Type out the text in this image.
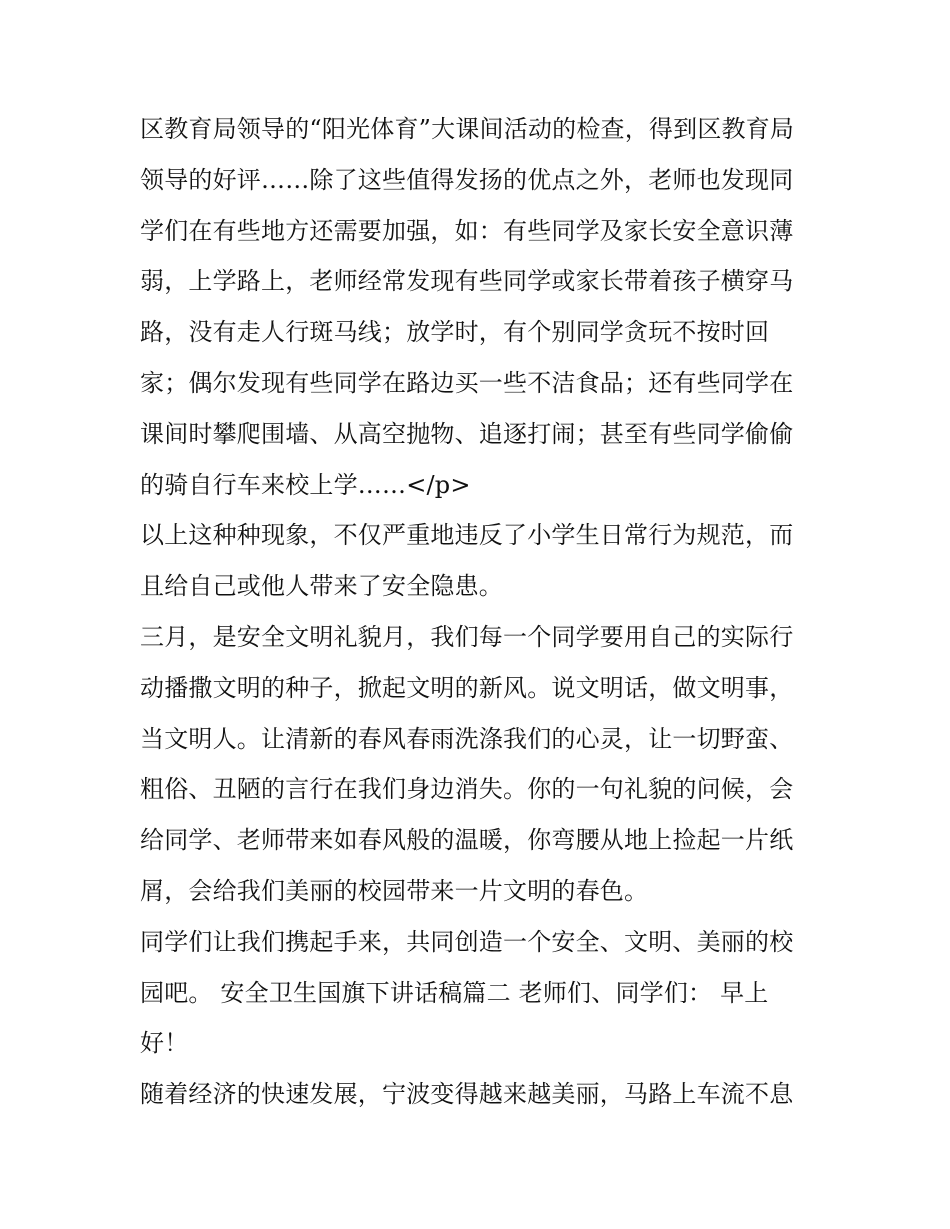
区教育局领导的“阳光体育”大课间活动的检查，得到区教育局
领导的好评……除了这些值得发扬的优点之外，老师也发现同
学们在有些地方还需要加强，如：有些同学及家长安全意识薄
弱，上学路上，老师经常发现有些同学或家长带着孩子横穿马
路，没有走人行斑马线；放学时，有个别同学贪玩不按时回
家；偶尔发现有些同学在路边买一些不洁食品；还有些同学在
课间时攀爬围墙、从高空抛物、追逐打闹；甚至有些同学偷偷
的骑自行车来校上学……</p>
以上这种种现象，不仅严重地违反了小学生日常行为规范，而
且给自己或他人带来了安全隐患。
三月，是安全文明礼貌月，我们每一个同学要用自己的实际行
动播撒文明的种子，掀起文明的新风。说文明话，做文明事，
当文明人。让清新的春风春雨洗涤我们的心灵，让一切野蛮、
粗俗、丑陋的言行在我们身边消失。你的一句礼貌的问候，会
给同学、老师带来如春风般的温暖，你弯腰从地上捡起一片纸
屑，会给我们美丽的校园带来一片文明的春色。
同学们让我们携起手来，共同创造一个安全、文明、美丽的校
园吧。 安全卫生国旗下讲话稿篇二 老师们、同学们： 早上
好！
随着经济的快速发展，宁波变得越来越美丽，马路上车流不息
